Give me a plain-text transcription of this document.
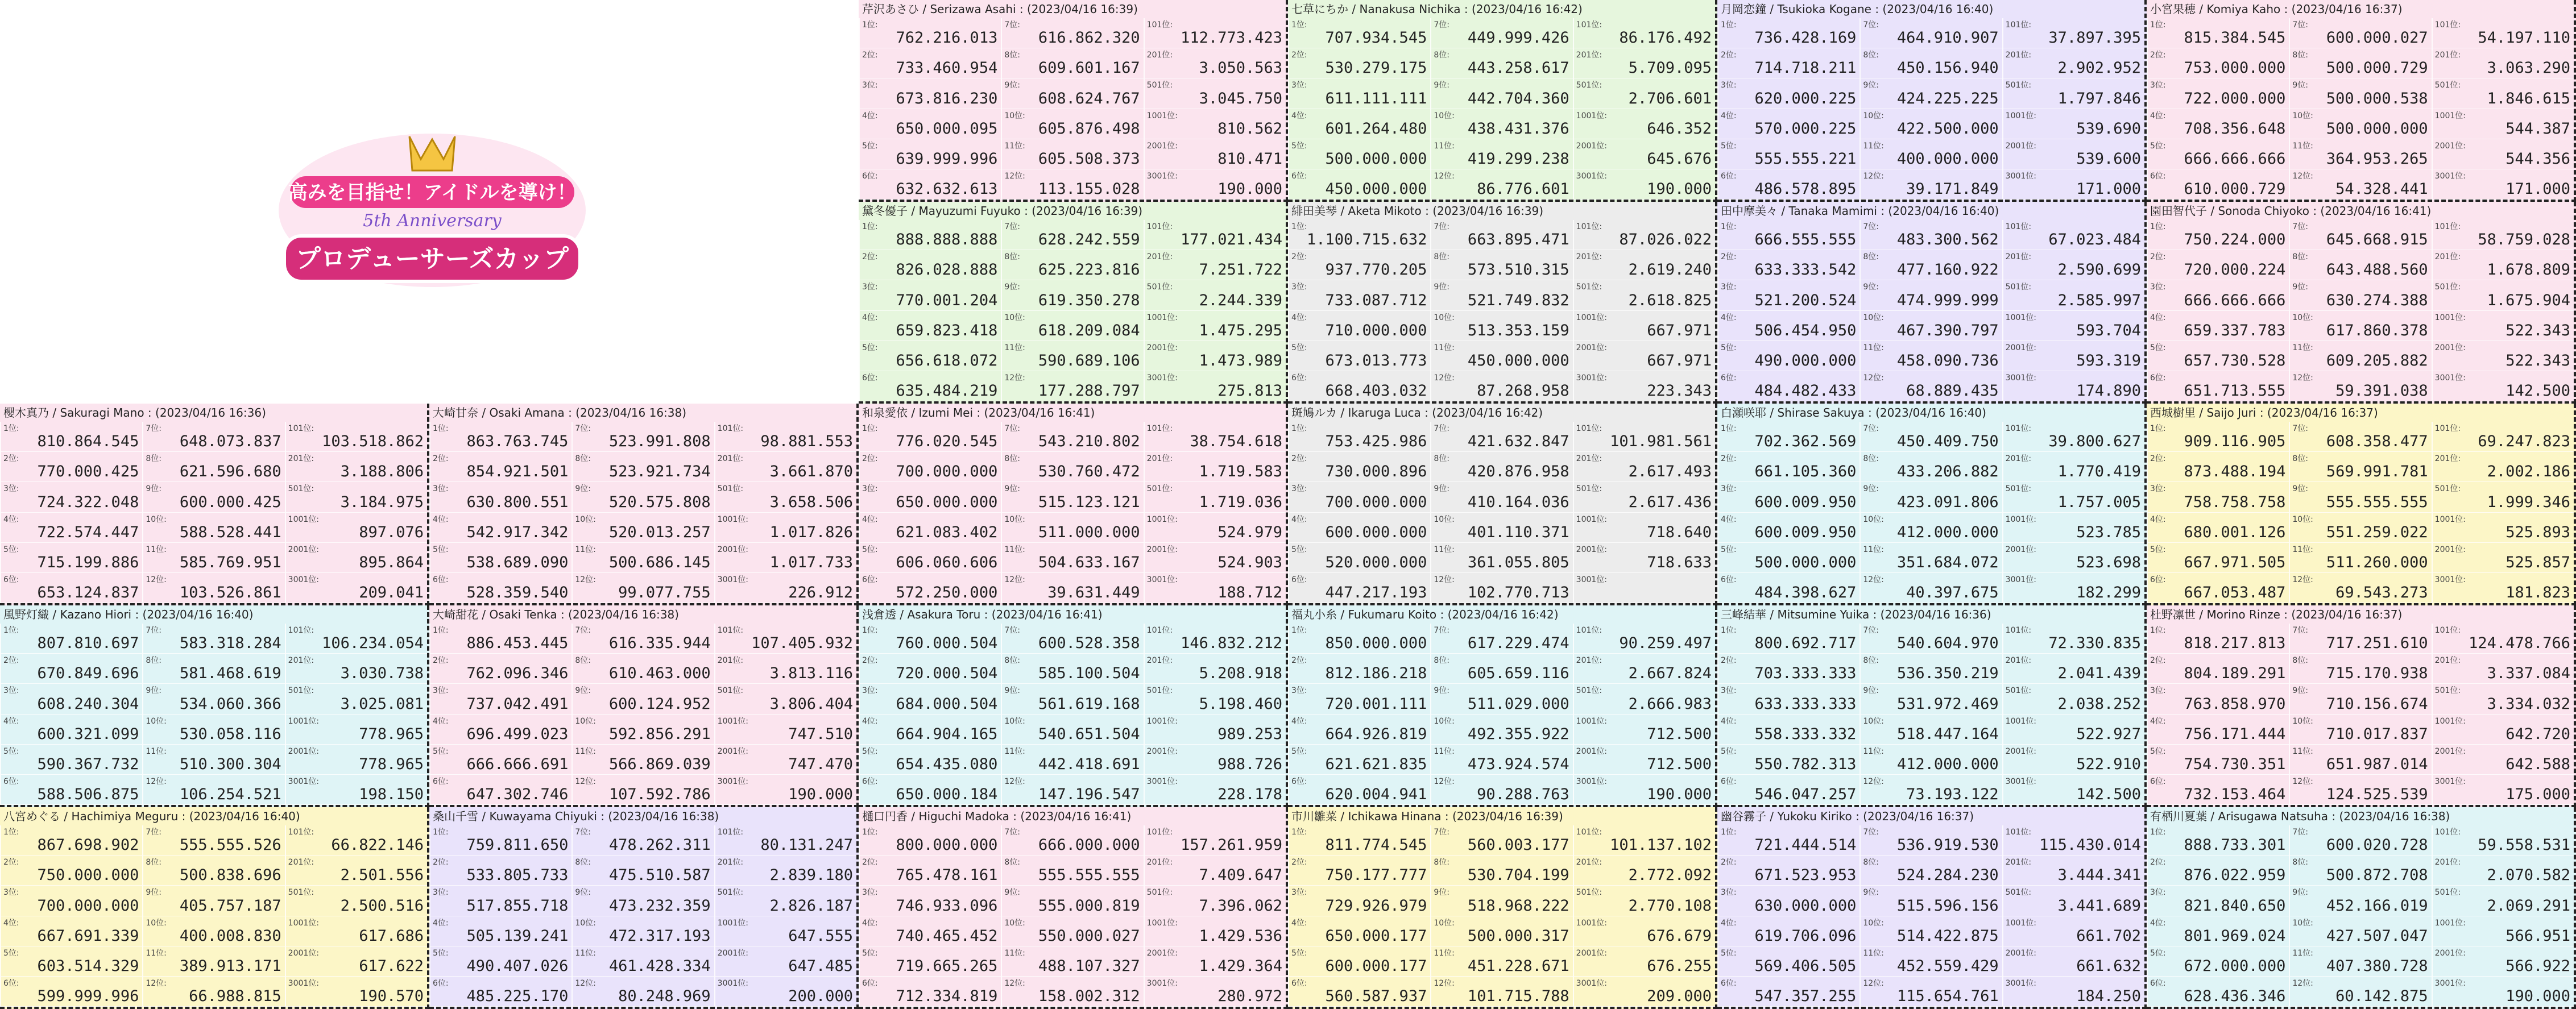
高みを目指せ！アイドルを導け！
5th Anniversary
プロデューサーズカップ
芹沢あさひ / Serizawa Asahi : (2023/04/16 16:39)
1位:
762.216.013
2位:
733.460.954
3位:
673.816.230
4位:
650.000.095
5位:
639.999.996
6位:
632.632.613
7位:
616.862.320
8位:
609.601.167
9位:
608.624.767
10位:
605.876.498
11位:
605.508.373
12位:
113.155.028
101位:
112.773.423
201位:
3.050.563
501位:
3.045.750
1001位:
810.562
2001位:
810.471
3001位:
190.000
七草にちか / Nanakusa Nichika : (2023/04/16 16:42)
1位:
707.934.545
2位:
530.279.175
3位:
611.111.111
4位:
601.264.480
5位:
500.000.000
6位:
450.000.000
7位:
449.999.426
8位:
443.258.617
9位:
442.704.360
10位:
438.431.376
11位:
419.299.238
12位:
86.776.601
101位:
86.176.492
201位:
5.709.095
501位:
2.706.601
1001位:
646.352
2001位:
645.676
3001位:
190.000
月岡恋鐘 / Tsukioka Kogane : (2023/04/16 16:40)
1位:
736.428.169
2位:
714.718.211
3位:
620.000.225
4位:
570.000.225
5位:
555.555.221
6位:
486.578.895
7位:
464.910.907
8位:
450.156.940
9位:
424.225.225
10位:
422.500.000
11位:
400.000.000
12位:
39.171.849
101位:
37.897.395
201位:
2.902.952
501位:
1.797.846
1001位:
539.690
2001位:
539.600
3001位:
171.000
小宮果穂 / Komiya Kaho : (2023/04/16 16:37)
1位:
815.384.545
2位:
753.000.000
3位:
722.000.000
4位:
708.356.648
5位:
666.666.666
6位:
610.000.729
7位:
600.000.027
8位:
500.000.729
9位:
500.000.538
10位:
500.000.000
11位:
364.953.265
12位:
54.328.441
101位:
54.197.110
201位:
3.063.290
501位:
1.846.615
1001位:
544.387
2001位:
544.356
3001位:
171.000
黛冬優子 / Mayuzumi Fuyuko : (2023/04/16 16:39)
1位:
888.888.888
2位:
826.028.888
3位:
770.001.204
4位:
659.823.418
5位:
656.618.072
6位:
635.484.219
7位:
628.242.559
8位:
625.223.816
9位:
619.350.278
10位:
618.209.084
11位:
590.689.106
12位:
177.288.797
101位:
177.021.434
201位:
7.251.722
501位:
2.244.339
1001位:
1.475.295
2001位:
1.473.989
3001位:
275.813
緋田美琴 / Aketa Mikoto : (2023/04/16 16:39)
1位:
1.100.715.632
2位:
937.770.205
3位:
733.087.712
4位:
710.000.000
5位:
673.013.773
6位:
668.403.032
7位:
663.895.471
8位:
573.510.315
9位:
521.749.832
10位:
513.353.159
11位:
450.000.000
12位:
87.268.958
101位:
87.026.022
201位:
2.619.240
501位:
2.618.825
1001位:
667.971
2001位:
667.971
3001位:
223.343
田中摩美々 / Tanaka Mamimi : (2023/04/16 16:40)
1位:
666.555.555
2位:
633.333.542
3位:
521.200.524
4位:
506.454.950
5位:
490.000.000
6位:
484.482.433
7位:
483.300.562
8位:
477.160.922
9位:
474.999.999
10位:
467.390.797
11位:
458.090.736
12位:
68.889.435
101位:
67.023.484
201位:
2.590.699
501位:
2.585.997
1001位:
593.704
2001位:
593.319
3001位:
174.890
園田智代子 / Sonoda Chiyoko : (2023/04/16 16:41)
1位:
750.224.000
2位:
720.000.224
3位:
666.666.666
4位:
659.337.783
5位:
657.730.528
6位:
651.713.555
7位:
645.668.915
8位:
643.488.560
9位:
630.274.388
10位:
617.860.378
11位:
609.205.882
12位:
59.391.038
101位:
58.759.028
201位:
1.678.809
501位:
1.675.904
1001位:
522.343
2001位:
522.343
3001位:
142.500
櫻木真乃 / Sakuragi Mano : (2023/04/16 16:36)
1位:
810.864.545
2位:
770.000.425
3位:
724.322.048
4位:
722.574.447
5位:
715.199.886
6位:
653.124.837
7位:
648.073.837
8位:
621.596.680
9位:
600.000.425
10位:
588.528.441
11位:
585.769.951
12位:
103.526.861
101位:
103.518.862
201位:
3.188.806
501位:
3.184.975
1001位:
897.076
2001位:
895.864
3001位:
209.041
大崎甘奈 / Osaki Amana : (2023/04/16 16:38)
1位:
863.763.745
2位:
854.921.501
3位:
630.800.551
4位:
542.917.342
5位:
538.689.090
6位:
528.359.540
7位:
523.991.808
8位:
523.921.734
9位:
520.575.808
10位:
520.013.257
11位:
500.686.145
12位:
99.077.755
101位:
98.881.553
201位:
3.661.870
501位:
3.658.506
1001位:
1.017.826
2001位:
1.017.733
3001位:
226.912
和泉愛依 / Izumi Mei : (2023/04/16 16:41)
1位:
776.020.545
2位:
700.000.000
3位:
650.000.000
4位:
621.083.402
5位:
606.060.606
6位:
572.250.000
7位:
543.210.802
8位:
530.760.472
9位:
515.123.121
10位:
511.000.000
11位:
504.633.167
12位:
39.631.449
101位:
38.754.618
201位:
1.719.583
501位:
1.719.036
1001位:
524.979
2001位:
524.903
3001位:
188.712
斑鳩ルカ / Ikaruga Luca : (2023/04/16 16:42)
1位:
753.425.986
2位:
730.000.896
3位:
700.000.000
4位:
600.000.000
5位:
520.000.000
6位:
447.217.193
7位:
421.632.847
8位:
420.876.958
9位:
410.164.036
10位:
401.110.371
11位:
361.055.805
12位:
102.770.713
101位:
101.981.561
201位:
2.617.493
501位:
2.617.436
1001位:
718.640
2001位:
718.633
3001位:
白瀬咲耶 / Shirase Sakuya : (2023/04/16 16:40)
1位:
702.362.569
2位:
661.105.360
3位:
600.009.950
4位:
600.009.950
5位:
500.000.000
6位:
484.398.627
7位:
450.409.750
8位:
433.206.882
9位:
423.091.806
10位:
412.000.000
11位:
351.684.072
12位:
40.397.675
101位:
39.800.627
201位:
1.770.419
501位:
1.757.005
1001位:
523.785
2001位:
523.698
3001位:
182.299
西城樹里 / Saijo Juri : (2023/04/16 16:37)
1位:
909.116.905
2位:
873.488.194
3位:
758.758.758
4位:
680.001.126
5位:
667.971.505
6位:
667.053.487
7位:
608.358.477
8位:
569.991.781
9位:
555.555.555
10位:
551.259.022
11位:
511.260.000
12位:
69.543.273
101位:
69.247.823
201位:
2.002.186
501位:
1.999.346
1001位:
525.893
2001位:
525.857
3001位:
181.823
風野灯織 / Kazano Hiori : (2023/04/16 16:40)
1位:
807.810.697
2位:
670.849.696
3位:
608.240.304
4位:
600.321.099
5位:
590.367.732
6位:
588.506.875
7位:
583.318.284
8位:
581.468.619
9位:
534.060.366
10位:
530.058.116
11位:
510.300.304
12位:
106.254.521
101位:
106.234.054
201位:
3.030.738
501位:
3.025.081
1001位:
778.965
2001位:
778.965
3001位:
198.150
大崎甜花 / Osaki Tenka : (2023/04/16 16:38)
1位:
886.453.445
2位:
762.096.346
3位:
737.042.491
4位:
696.499.023
5位:
666.666.691
6位:
647.302.746
7位:
616.335.944
8位:
610.463.000
9位:
600.124.952
10位:
592.856.291
11位:
566.869.039
12位:
107.592.786
101位:
107.405.932
201位:
3.813.116
501位:
3.806.404
1001位:
747.510
2001位:
747.470
3001位:
190.000
浅倉透 / Asakura Toru : (2023/04/16 16:41)
1位:
760.000.504
2位:
720.000.504
3位:
684.000.504
4位:
664.904.165
5位:
654.435.080
6位:
650.000.184
7位:
600.528.358
8位:
585.100.504
9位:
561.619.168
10位:
540.651.504
11位:
442.418.691
12位:
147.196.547
101位:
146.832.212
201位:
5.208.918
501位:
5.198.460
1001位:
989.253
2001位:
988.726
3001位:
228.178
福丸小糸 / Fukumaru Koito : (2023/04/16 16:42)
1位:
850.000.000
2位:
812.186.218
3位:
720.001.111
4位:
664.926.819
5位:
621.621.835
6位:
620.004.941
7位:
617.229.474
8位:
605.659.116
9位:
511.029.000
10位:
492.355.922
11位:
473.924.574
12位:
90.288.763
101位:
90.259.497
201位:
2.667.824
501位:
2.666.983
1001位:
712.500
2001位:
712.500
3001位:
190.000
三峰結華 / Mitsumine Yuika : (2023/04/16 16:36)
1位:
800.692.717
2位:
703.333.333
3位:
633.333.333
4位:
558.333.332
5位:
550.782.313
6位:
546.047.257
7位:
540.604.970
8位:
536.350.219
9位:
531.972.469
10位:
518.447.164
11位:
412.000.000
12位:
73.193.122
101位:
72.330.835
201位:
2.041.439
501位:
2.038.252
1001位:
522.927
2001位:
522.910
3001位:
142.500
杜野凛世 / Morino Rinze : (2023/04/16 16:37)
1位:
818.217.813
2位:
804.189.291
3位:
763.858.970
4位:
756.171.444
5位:
754.730.351
6位:
732.153.464
7位:
717.251.610
8位:
715.170.938
9位:
710.156.674
10位:
710.017.837
11位:
651.987.014
12位:
124.525.539
101位:
124.478.766
201位:
3.337.084
501位:
3.334.032
1001位:
642.720
2001位:
642.588
3001位:
175.000
八宮めぐる / Hachimiya Meguru : (2023/04/16 16:40)
1位:
867.698.902
2位:
750.000.000
3位:
700.000.000
4位:
667.691.339
5位:
603.514.329
6位:
599.999.996
7位:
555.555.526
8位:
500.838.696
9位:
405.757.187
10位:
400.008.830
11位:
389.913.171
12位:
66.988.815
101位:
66.822.146
201位:
2.501.556
501位:
2.500.516
1001位:
617.686
2001位:
617.622
3001位:
190.570
桑山千雪 / Kuwayama Chiyuki : (2023/04/16 16:38)
1位:
759.811.650
2位:
533.805.733
3位:
517.855.718
4位:
505.139.241
5位:
490.407.026
6位:
485.225.170
7位:
478.262.311
8位:
475.510.587
9位:
473.232.359
10位:
472.317.193
11位:
461.428.334
12位:
80.248.969
101位:
80.131.247
201位:
2.839.180
501位:
2.826.187
1001位:
647.555
2001位:
647.485
3001位:
200.000
樋口円香 / Higuchi Madoka : (2023/04/16 16:41)
1位:
800.000.000
2位:
765.478.161
3位:
746.933.096
4位:
740.465.452
5位:
719.665.265
6位:
712.334.819
7位:
666.000.000
8位:
555.555.555
9位:
555.000.819
10位:
550.000.027
11位:
488.107.327
12位:
158.002.312
101位:
157.261.959
201位:
7.409.647
501位:
7.396.062
1001位:
1.429.536
2001位:
1.429.364
3001位:
280.972
市川雛菜 / Ichikawa Hinana : (2023/04/16 16:39)
1位:
811.774.545
2位:
750.177.777
3位:
729.926.979
4位:
650.000.177
5位:
600.000.177
6位:
560.587.937
7位:
560.003.177
8位:
530.704.199
9位:
518.968.222
10位:
500.000.317
11位:
451.228.671
12位:
101.715.788
101位:
101.137.102
201位:
2.772.092
501位:
2.770.108
1001位:
676.679
2001位:
676.255
3001位:
209.000
幽谷霧子 / Yukoku Kiriko : (2023/04/16 16:37)
1位:
721.444.514
2位:
671.523.953
3位:
630.000.000
4位:
619.706.096
5位:
569.406.505
6位:
547.357.255
7位:
536.919.530
8位:
524.284.230
9位:
515.596.156
10位:
514.422.875
11位:
452.559.429
12位:
115.654.761
101位:
115.430.014
201位:
3.444.341
501位:
3.441.689
1001位:
661.702
2001位:
661.632
3001位:
184.250
有栖川夏葉 / Arisugawa Natsuha : (2023/04/16 16:38)
1位:
888.733.301
2位:
876.022.959
3位:
821.840.650
4位:
801.969.024
5位:
672.000.000
6位:
628.436.346
7位:
600.020.728
8位:
500.872.708
9位:
452.166.019
10位:
427.507.047
11位:
407.380.728
12位:
60.142.875
101位:
59.558.531
201位:
2.070.582
501位:
2.069.291
1001位:
566.951
2001位:
566.922
3001位:
190.000
